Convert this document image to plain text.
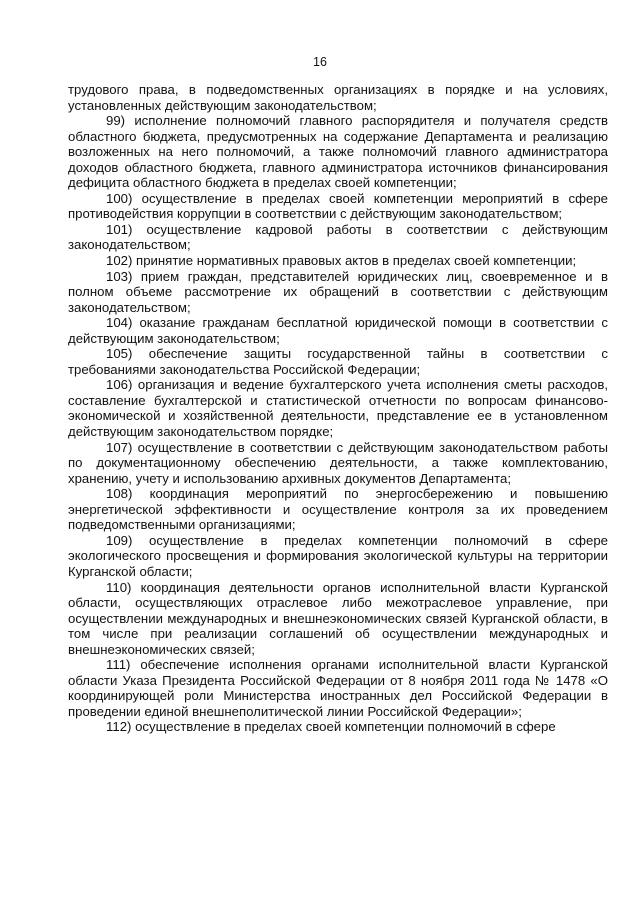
16

трудового права, в подведомственных организациях в порядке и на условиях, установленных действующим законодательством;

99) исполнение полномочий главного распорядителя и получателя средств областного бюджета, предусмотренных на содержание Департамента и реализацию возложенных на него полномочий, а также полномочий главного администратора доходов областного бюджета, главного администратора источников финансирования дефицита областного бюджета в пределах своей компетенции;

100) осуществление в пределах своей компетенции мероприятий в сфере противодействия коррупции в соответствии с действующим законодательством;

101) осуществление кадровой работы в соответствии с действующим законодательством;

102) принятие нормативных правовых актов в пределах своей компетенции;

103) прием граждан, представителей юридических лиц, своевременное и в полном объеме рассмотрение их обращений в соответствии с действующим законодательством;

104) оказание гражданам бесплатной юридической помощи в соответствии с действующим законодательством;

105) обеспечение защиты государственной тайны в соответствии с требованиями законодательства Российской Федерации;

106) организация и ведение бухгалтерского учета исполнения сметы расходов, составление бухгалтерской и статистической отчетности по вопросам финансово-экономической и хозяйственной деятельности, представление ее в установленном действующим законодательством порядке;

107) осуществление в соответствии с действующим законодательством работы по документационному обеспечению деятельности, а также комплектованию, хранению, учету и использованию архивных документов Департамента;

108) координация мероприятий по энергосбережению и повышению энергетической эффективности и осуществление контроля за их проведением подведомственными организациями;

109) осуществление в пределах компетенции полномочий в сфере экологического просвещения и формирования экологической культуры на территории Курганской области;

110) координация деятельности органов исполнительной власти Курганской области, осуществляющих отраслевое либо межотраслевое управление, при осуществлении международных и внешнеэкономических связей Курганской области, в том числе при реализации соглашений об осуществлении международных и внешнеэкономических связей;

111) обеспечение исполнения органами исполнительной власти Курганской области Указа Президента Российской Федерации от 8 ноября 2011 года № 1478 «О координирующей роли Министерства иностранных дел Российской Федерации в проведении единой внешнеполитической линии Российской Федерации»;

112) осуществление в пределах своей компетенции полномочий в сфере
